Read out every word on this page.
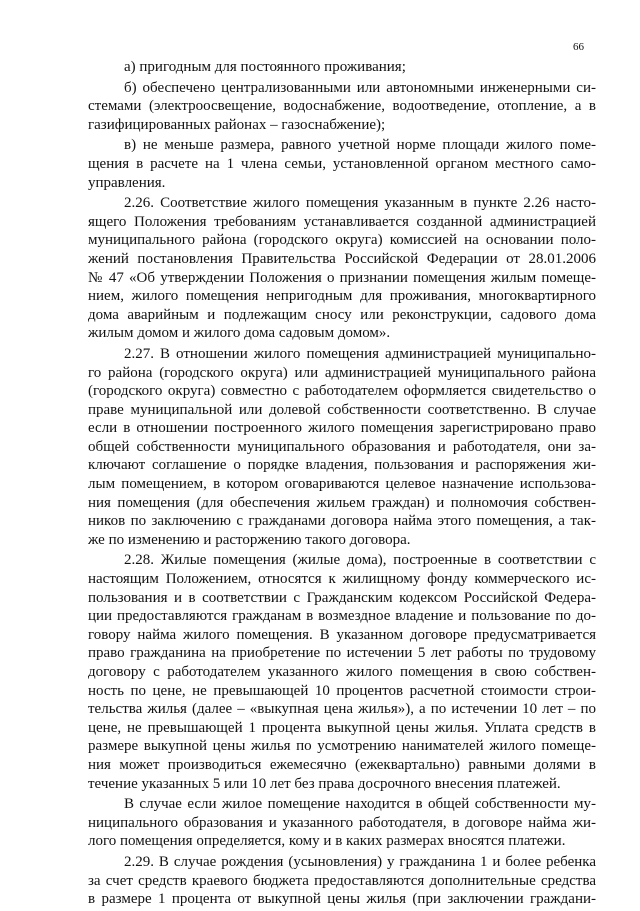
66
а) пригодным для постоянного проживания;
б) обеспечено централизованными или автономными инженерными си-
стемами (электроосвещение, водоснабжение, водоотведение, отопление, а в
газифицированных районах – газоснабжение);
в) не меньше размера, равного учетной норме площади жилого поме-
щения в расчете на 1 члена семьи, установленной органом местного само-
управления.
2.26. Соответствие жилого помещения указанным в пункте 2.26 насто-
ящего Положения требованиям устанавливается созданной администрацией
муниципального района (городского округа) комиссией на основании поло-
жений постановления Правительства Российской Федерации от 28.01.2006
№ 47 «Об утверждении Положения о признании помещения жилым помеще-
нием, жилого помещения непригодным для проживания, многоквартирного
дома аварийным и подлежащим сносу или реконструкции, садового дома
жилым домом и жилого дома садовым домом».
2.27. В отношении жилого помещения администрацией муниципально-
го района (городского округа) или администрацией муниципального района
(городского округа) совместно с работодателем оформляется свидетельство о
праве муниципальной или долевой собственности соответственно. В случае
если в отношении построенного жилого помещения зарегистрировано право
общей собственности муниципального образования и работодателя, они за-
ключают соглашение о порядке владения, пользования и распоряжения жи-
лым помещением, в котором оговариваются целевое назначение использова-
ния помещения (для обеспечения жильем граждан) и полномочия собствен-
ников по заключению с гражданами договора найма этого помещения, а так-
же по изменению и расторжению такого договора.
2.28. Жилые помещения (жилые дома), построенные в соответствии с
настоящим Положением, относятся к жилищному фонду коммерческого ис-
пользования и в соответствии с Гражданским кодексом Российской Федера-
ции предоставляются гражданам в возмездное владение и пользование по до-
говору найма жилого помещения. В указанном договоре предусматривается
право гражданина на приобретение по истечении 5 лет работы по трудовому
договору с работодателем указанного жилого помещения в свою собствен-
ность по цене, не превышающей 10 процентов расчетной стоимости строи-
тельства жилья (далее – «выкупная цена жилья»), а по истечении 10 лет – по
цене, не превышающей 1 процента выкупной цены жилья. Уплата средств в
размере выкупной цены жилья по усмотрению нанимателей жилого помеще-
ния может производиться ежемесячно (ежеквартально) равными долями в
течение указанных 5 или 10 лет без права досрочного внесения платежей.
В случае если жилое помещение находится в общей собственности му-
ниципального образования и указанного работодателя, в договоре найма жи-
лого помещения определяется, кому и в каких размерах вносятся платежи.
2.29. В случае рождения (усыновления) у гражданина 1 и более ребенка
за счет средств краевого бюджета предоставляются дополнительные средства
в размере 1 процента от выкупной цены жилья (при заключении граждани-
